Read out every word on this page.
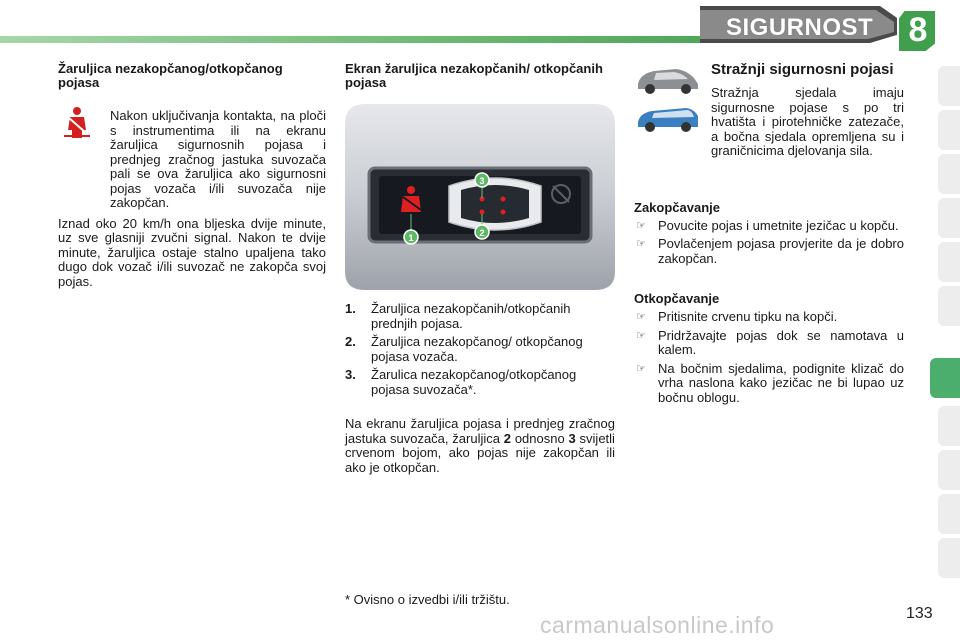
SIGURNOST	8
Žaruljica nezakopčanog/otkopčanog pojasa

Nakon uključivanja kontakta, na ploči s instrumentima ili na ekranu žaruljica sigurnosnih pojasa i prednjeg zračnog jastuka suvozača pali se ova žaruljica ako sigurnosni pojas vozača i/ili suvozača nije zakopčan.

Iznad oko 20 km/h ona bljeska dvije minute, uz sve glasniji zvučni signal. Nakon te dvije minute, žaruljica ostaje stalno upaljena tako dugo dok vozač i/ili suvozač ne zakopča svoj pojas.

Ekran žaruljica nezakopčanih/ otkopčanih pojasa
1	2
3
1.	Žaruljica nezakopčanih/otkopčanih prednjih pojasa.
2.	Žaruljica nezakopčanog/ otkopčanog pojasa vozača.
3.	Žarulica nezakopčanog/otkopčanog pojasa suvozača*.

Na ekranu žaruljica pojasa i prednjeg zračnog jastuka suvozača, žaruljica 2 odnosno 3 svijetli crvenom bojom, ako pojas nije zakopčan ili ako je otkopčan.

* Ovisno o izvedbi i/ili tržištu.
Stražnji sigurnosni pojasi

Stražnja sjedala imaju sigurnosne pojase s po tri hvatišta i pirotehničke zatezače, a bočna sjedala opremljena su i graničnicima djelovanja sila.

Zakopčavanje
☞ Povucite pojas i umetnite jezičac u kopču.
☞ Povlačenjem pojasa provjerite da je dobro zakopčan.
Otkopčavanje
☞ Pritisnite crvenu tipku na kopči.
☞ Pridržavajte pojas dok se namotava u kalem.
☞ Na bočnim sjedalima, podignite klizač do vrha naslona kako jezičac ne bi lupao uz bočnu oblogu.
carmanualsonline.info	133
